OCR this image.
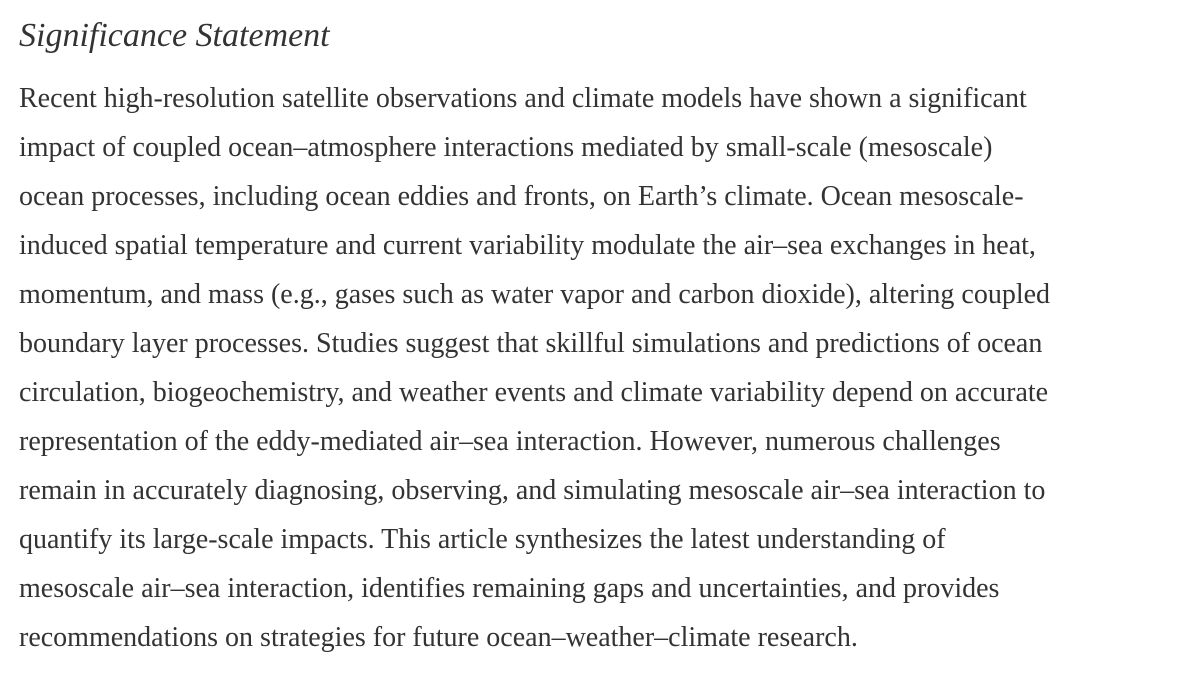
Significance Statement

Recent high-resolution satellite observations and climate models have shown a significant
impact of coupled ocean–atmosphere interactions mediated by small-scale (mesoscale)
ocean processes, including ocean eddies and fronts, on Earth’s climate. Ocean mesoscale-
induced spatial temperature and current variability modulate the air–sea exchanges in heat,
momentum, and mass (e.g., gases such as water vapor and carbon dioxide), altering coupled
boundary layer processes. Studies suggest that skillful simulations and predictions of ocean
circulation, biogeochemistry, and weather events and climate variability depend on accurate
representation of the eddy-mediated air–sea interaction. However, numerous challenges
remain in accurately diagnosing, observing, and simulating mesoscale air–sea interaction to
quantify its large-scale impacts. This article synthesizes the latest understanding of
mesoscale air–sea interaction, identifies remaining gaps and uncertainties, and provides
recommendations on strategies for future ocean–weather–climate research.
